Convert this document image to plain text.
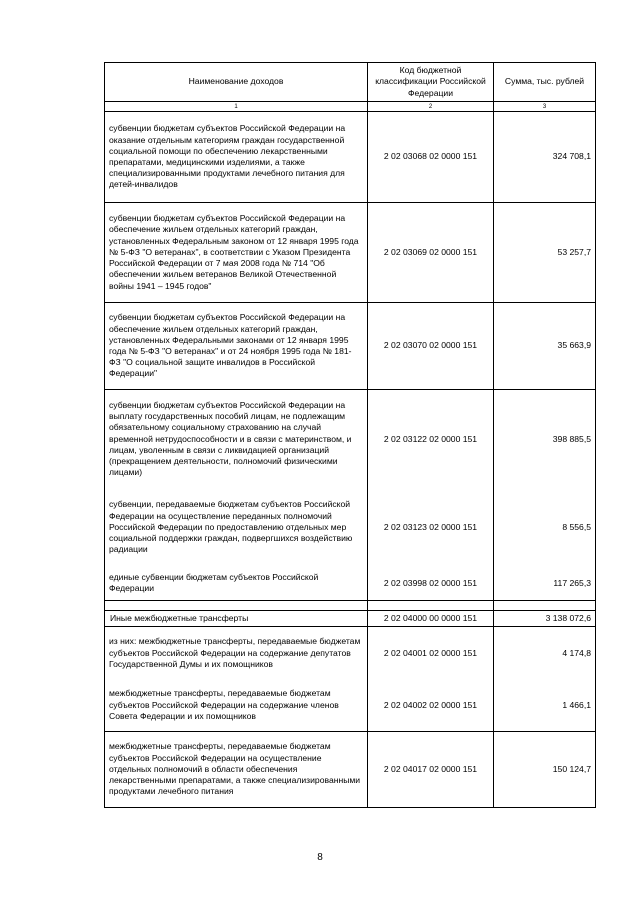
Наименование доходов	Код бюджетной классификации Российской Федерации	Сумма, тыс. рублей
1	2	3
субвенции бюджетам субъектов Российской Федерации на оказание отдельным категориям граждан государственной социальной помощи по обеспечению лекарственными препаратами, медицинскими изделиями, а также специализированными продуктами лечебного питания для детей-инвалидов	2 02 03068 02 0000 151	324 708,1
субвенции бюджетам субъектов Российской Федерации на обеспечение жильем отдельных категорий граждан, установленных Федеральным законом от 12 января 1995 года № 5-ФЗ "О ветеранах", в соответствии с Указом Президента Российской Федерации от 7 мая 2008 года № 714 "Об обеспечении жильем ветеранов Великой Отечественной войны 1941 – 1945 годов"	2 02 03069 02 0000 151	53 257,7
субвенции бюджетам субъектов Российской Федерации на обеспечение жильем отдельных категорий граждан, установленных Федеральными законами от 12 января 1995 года № 5-ФЗ "О ветеранах" и от 24 ноября 1995 года № 181-ФЗ "О социальной защите инвалидов в Российской Федерации"	2 02 03070 02 0000 151	35 663,9
субвенции бюджетам субъектов Российской Федерации на выплату государственных пособий лицам, не подлежащим обязательному социальному страхованию на случай временной нетрудоспособности и в связи с материнством, и лицам, уволенным в связи с ликвидацией организаций (прекращением деятельности, полномочий физическими лицами)	2 02 03122 02 0000 151	398 885,5
субвенции, передаваемые бюджетам субъектов Российской Федерации на осуществление переданных полномочий Российской Федерации по предоставлению отдельных мер социальной поддержки граждан, подвергшихся воздействию радиации	2 02 03123 02 0000 151	8 556,5
единые субвенции бюджетам субъектов Российской Федерации	2 02 03998 02 0000 151	117 265,3

Иные межбюджетные трансферты	2 02 04000 00 0000 151	3 138 072,6
из них: межбюджетные трансферты, передаваемые бюджетам субъектов Российской Федерации на содержание депутатов Государственной Думы и их помощников	2 02 04001 02 0000 151	4 174,8
межбюджетные трансферты, передаваемые бюджетам субъектов Российской Федерации на содержание членов Совета Федерации и их помощников	2 02 04002 02 0000 151	1 466,1
межбюджетные трансферты, передаваемые бюджетам субъектов Российской Федерации на осуществление отдельных полномочий в области обеспечения лекарственными препаратами, а также специализированными продуктами лечебного питания	2 02 04017 02 0000 151	150 124,7
8
